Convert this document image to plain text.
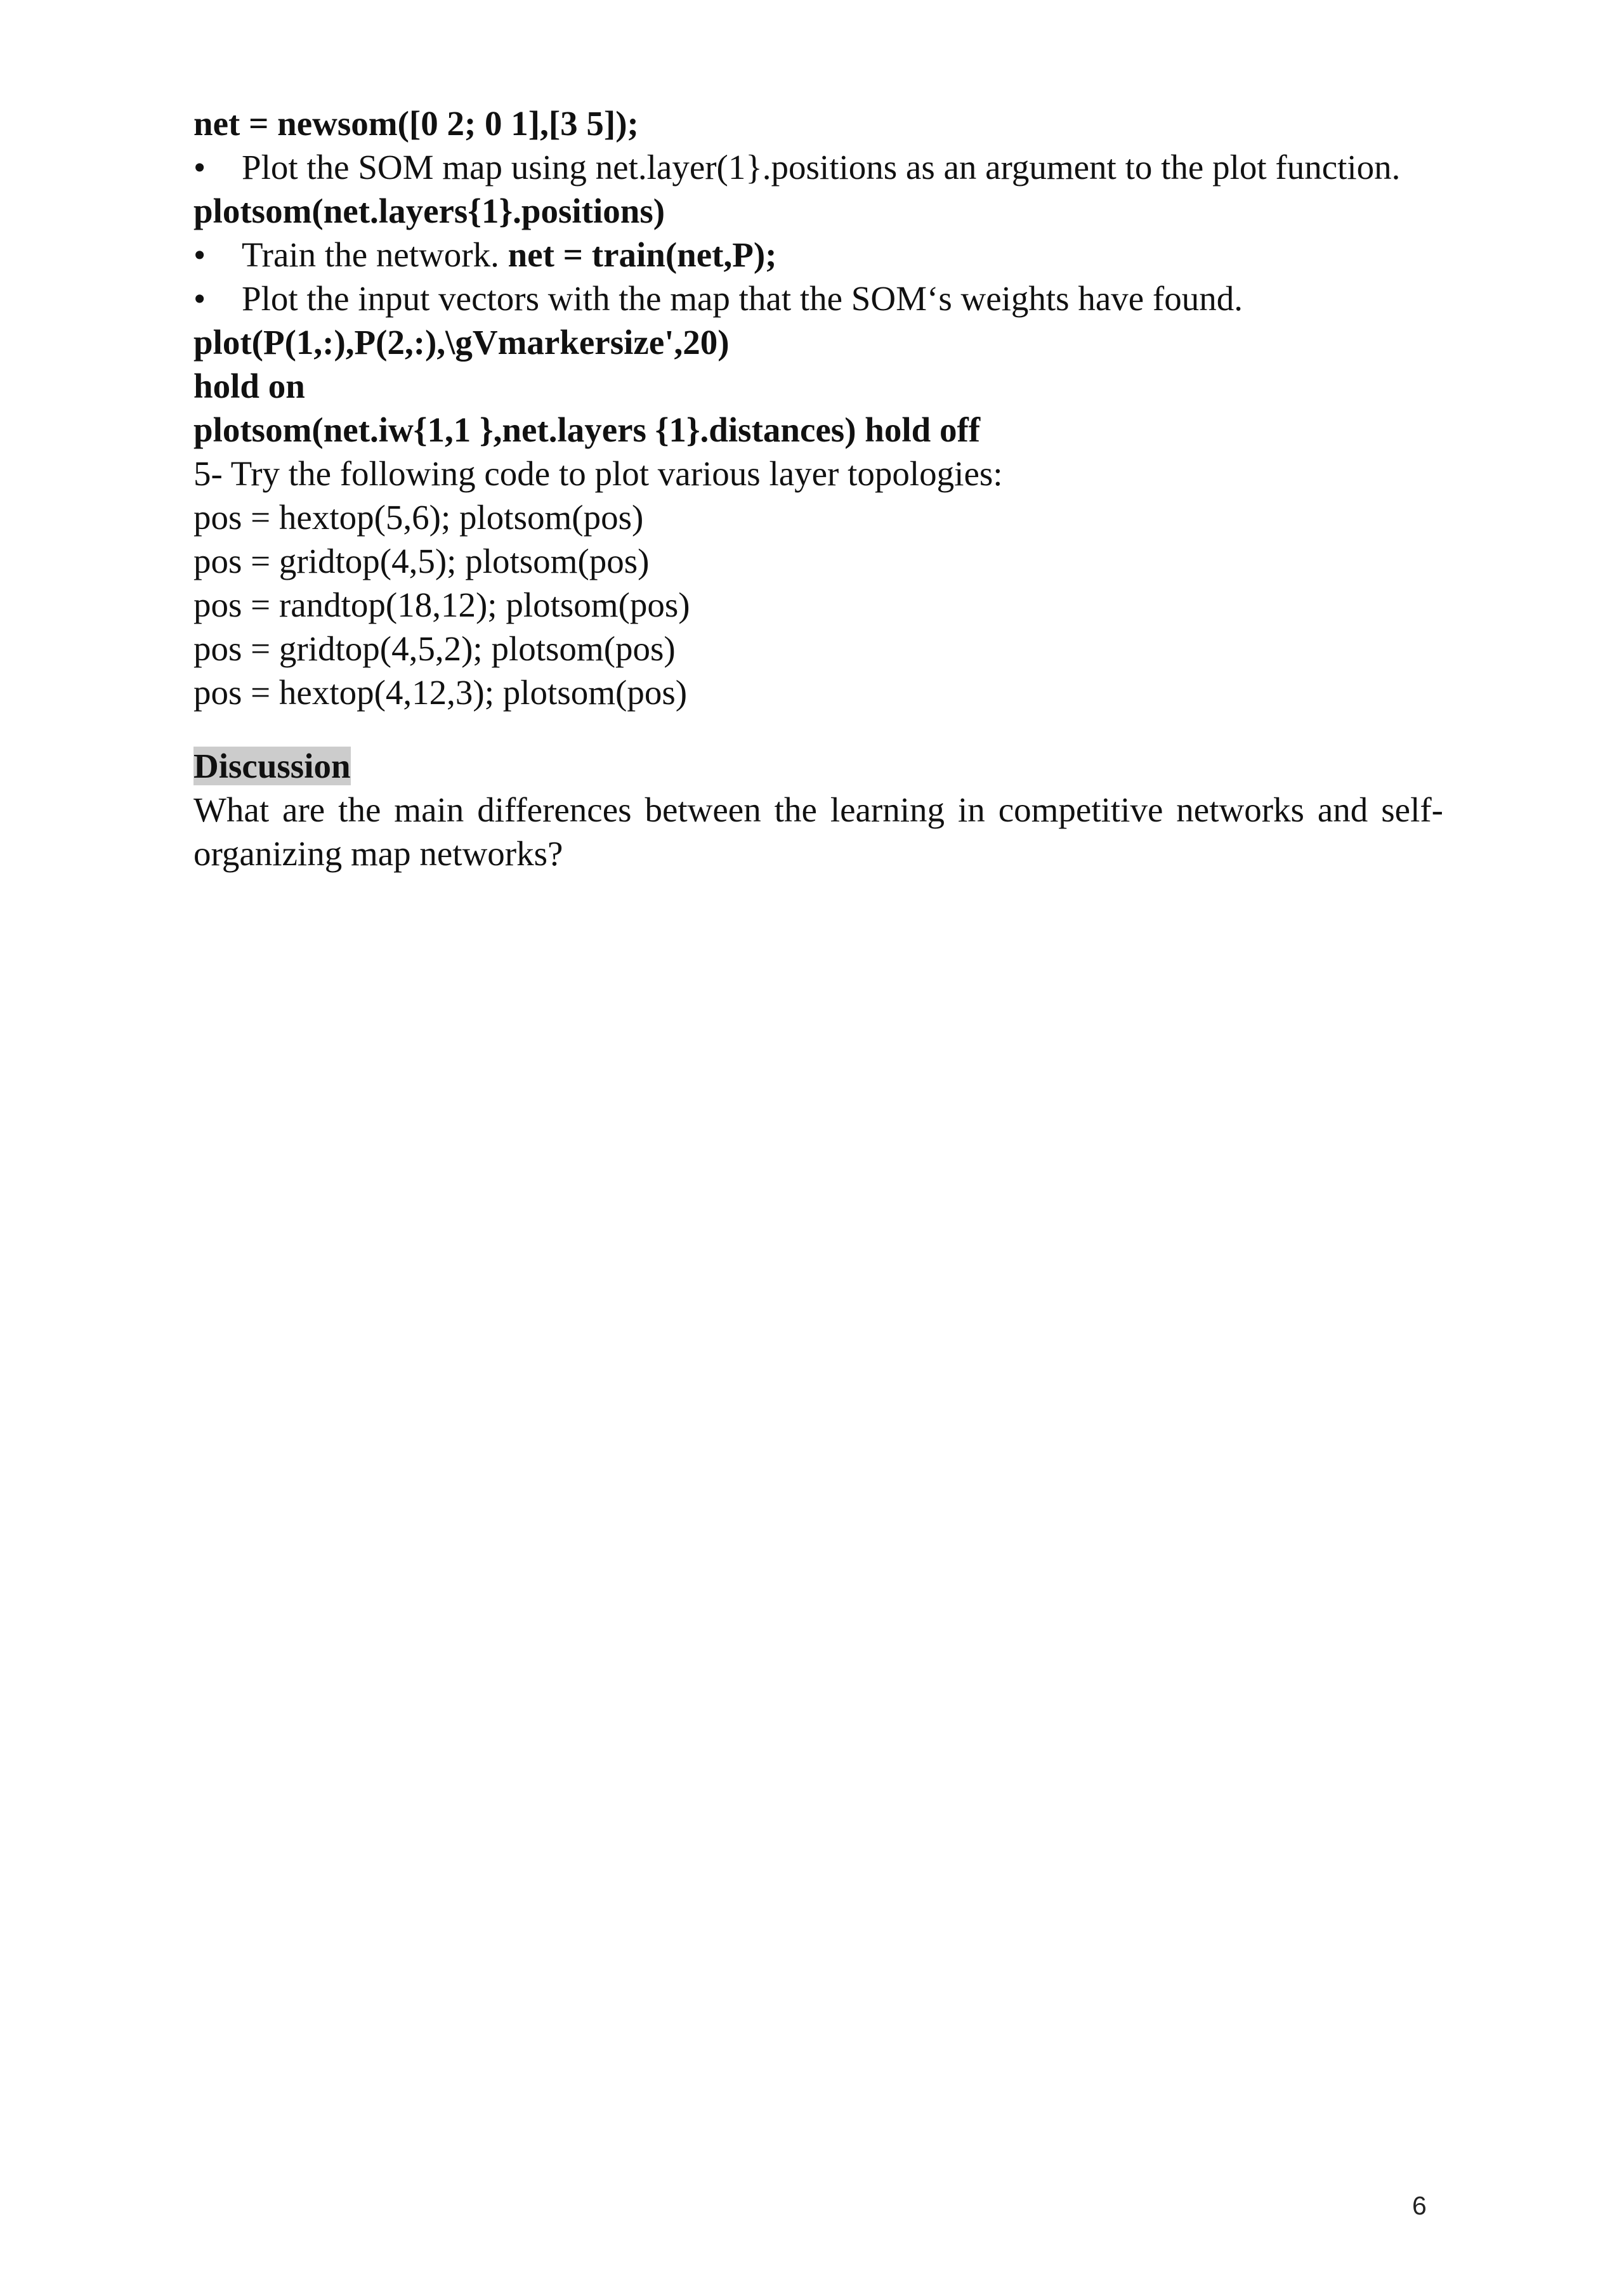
net = newsom([0 2; 0 1],[3 5]);

•	Plot the SOM map using net.layer(1}.positions as an argument to the plot function.

plotsom(net.layers{1}.positions)

•	Train the network. net = train(net,P);

•	Plot the input vectors with the map that the SOM‘s weights have found.

plot(P(1,:),P(2,:),\gVmarkersize',20)

hold on

plotsom(net.iw{1,1 },net.layers {1}.distances) hold off

5- Try the following code to plot various layer topologies:

pos = hextop(5,6); plotsom(pos)

pos = gridtop(4,5); plotsom(pos)

pos = randtop(18,12); plotsom(pos)

pos = gridtop(4,5,2); plotsom(pos)

pos = hextop(4,12,3); plotsom(pos)

Discussion

What are the main differences between the learning in competitive networks and self-organizing map networks?

6
